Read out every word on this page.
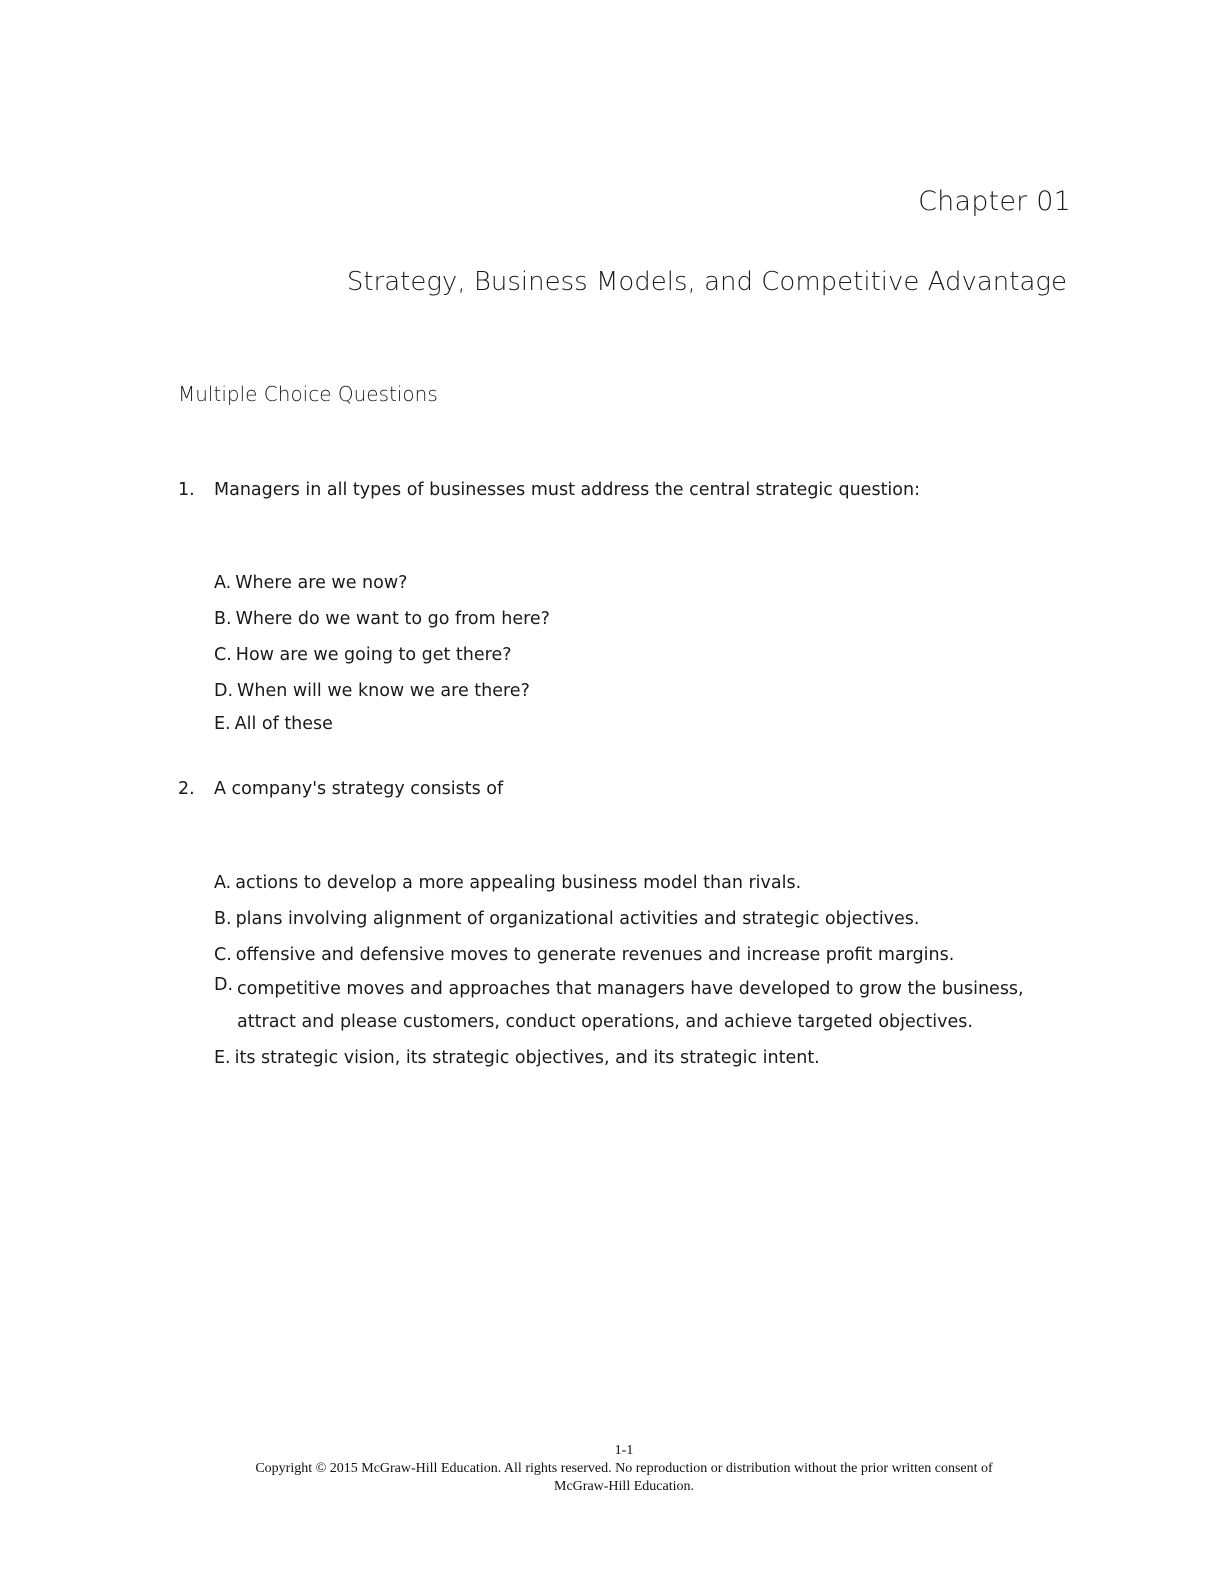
Chapter 01
Strategy, Business Models, and Competitive Advantage
Multiple Choice Questions
1.	Managers in all types of businesses must address the central strategic question:
A. Where are we now?
B. Where do we want to go from here?
C. How are we going to get there?
D. When will we know we are there?
E. All of these
2.	A company's strategy consists of
A. actions to develop a more appealing business model than rivals.
B. plans involving alignment of organizational activities and strategic objectives.
C. offensive and defensive moves to generate revenues and increase profit margins.
D. competitive moves and approaches that managers have developed to grow the business, attract and please customers, conduct operations, and achieve targeted objectives.
E. its strategic vision, its strategic objectives, and its strategic intent.
1-1
Copyright © 2015 McGraw-Hill Education. All rights reserved. No reproduction or distribution without the prior written consent of
McGraw-Hill Education.
